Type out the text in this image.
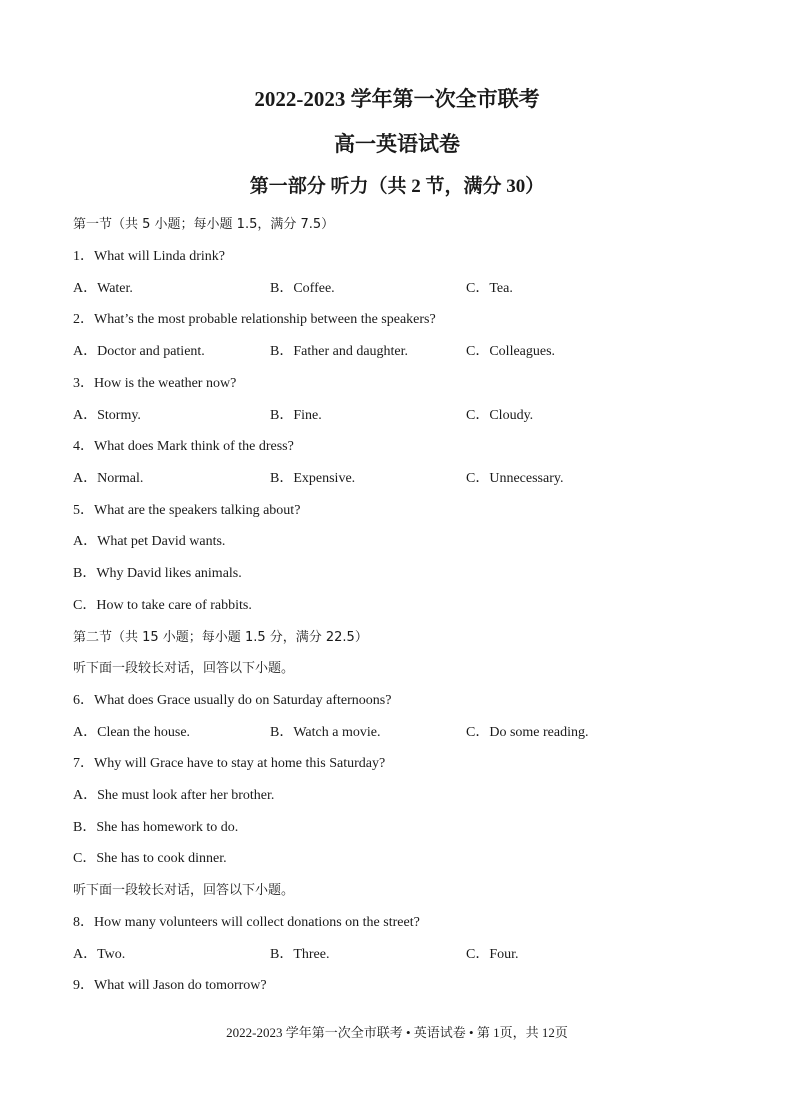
2022-2023 学年第一次全市联考
高一英语试卷
第一部分 听力（共 2 节，满分 30）
第一节（共 5 小题；每小题 1.5，满分 7.5）
1．What will Linda drink?
A．Water.	B．Coffee.	C．Tea.
2．What’s the most probable relationship between the speakers?
A．Doctor and patient.	B．Father and daughter.	C．Colleagues.
3．How is the weather now?
A．Stormy.	B．Fine.	C．Cloudy.
4．What does Mark think of the dress?
A．Normal.	B．Expensive.	C．Unnecessary.
5．What are the speakers talking about?
A．What pet David wants.
B．Why David likes animals.
C．How to take care of rabbits.
第二节（共 15 小题；每小题 1.5 分，满分 22.5）
听下面一段较长对话，回答以下小题。
6．What does Grace usually do on Saturday afternoons?
A．Clean the house.	B．Watch a movie.	C．Do some reading.
7．Why will Grace have to stay at home this Saturday?
A．She must look after her brother.
B．She has homework to do.
C．She has to cook dinner.
听下面一段较长对话，回答以下小题。
8．How many volunteers will collect donations on the street?
A．Two.	B．Three.	C．Four.
9．What will Jason do tomorrow?
2022-2023 学年第一次全市联考 • 英语试卷 • 第 1页，共 12页
